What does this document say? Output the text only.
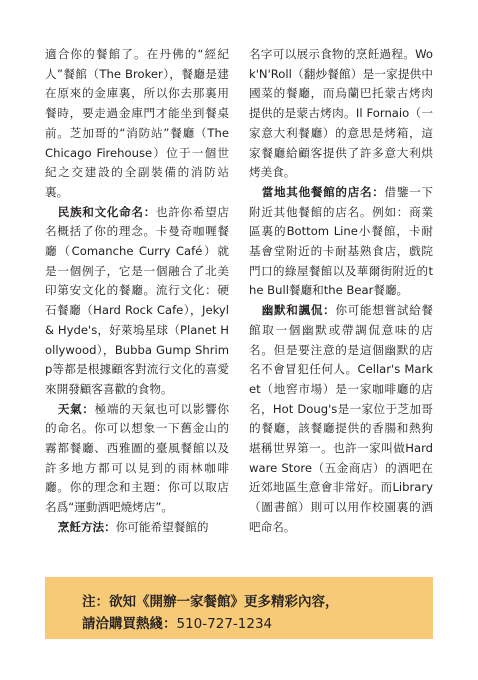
適合你的餐館了。在丹佛的“經紀人”餐館（The Broker），餐廳是建在原來的金庫裏，所以你去那裏用餐時，要走過金庫門才能坐到餐桌前。芝加哥的“消防站”餐廳（The Chicago Firehouse）位于一個世紀之交建設的全副裝備的消防站裏。

民族和文化命名：也許你希望店名概括了你的理念。卡曼奇咖喱餐廳（Comanche Curry Café）就是一個例子，它是一個融合了北美印第安文化的餐廳。流行文化：硬石餐廳（Hard Rock Cafe），Jekyl & Hyde's，好萊塢星球（Planet Hollywood），Bubba Gump Shrimp等都是根據顧客對流行文化的喜愛來開發顧客喜歡的食物。

天氣：極端的天氣也可以影響你的命名。你可以想象一下舊金山的霧都餐廳、西雅圖的臺風餐館以及許多地方都可以見到的雨林咖啡廳。你的理念和主題：你可以取店名爲“運動酒吧燒烤店”。

烹飪方法：你可能希望餐館的

名字可以展示食物的烹飪過程。Wok'N'Roll（翻炒餐館）是一家提供中國菜的餐廳，而烏蘭巴托蒙古烤肉提供的是蒙古烤肉。Il Fornaio（一家意大利餐廳）的意思是烤箱，這家餐廳給顧客提供了許多意大利烘烤美食。

當地其他餐館的店名：借鑒一下附近其他餐館的店名。例如：商業區裏的Bottom Line小餐館，卡耐基會堂附近的卡耐基熟食店，戲院門口的綠屋餐館以及華爾街附近的the Bull餐廳和the Bear餐廳。

幽默和諷侃：你可能想嘗試給餐館取一個幽默或帶調侃意味的店名。但是要注意的是這個幽默的店名不會冒犯任何人。Cellar's Market（地窖市場）是一家咖啡廳的店名，Hot Doug's是一家位于芝加哥的餐廳，該餐廳提供的香腸和熱狗堪稱世界第一。也許一家叫做Hardware Store（五金商店）的酒吧在近郊地區生意會非常好。而Library（圖書館）則可以用作校園裏的酒吧命名。

注：欲知《開辦一家餐館》更多精彩內容，
請洽購買熱綫：510-727-1234
